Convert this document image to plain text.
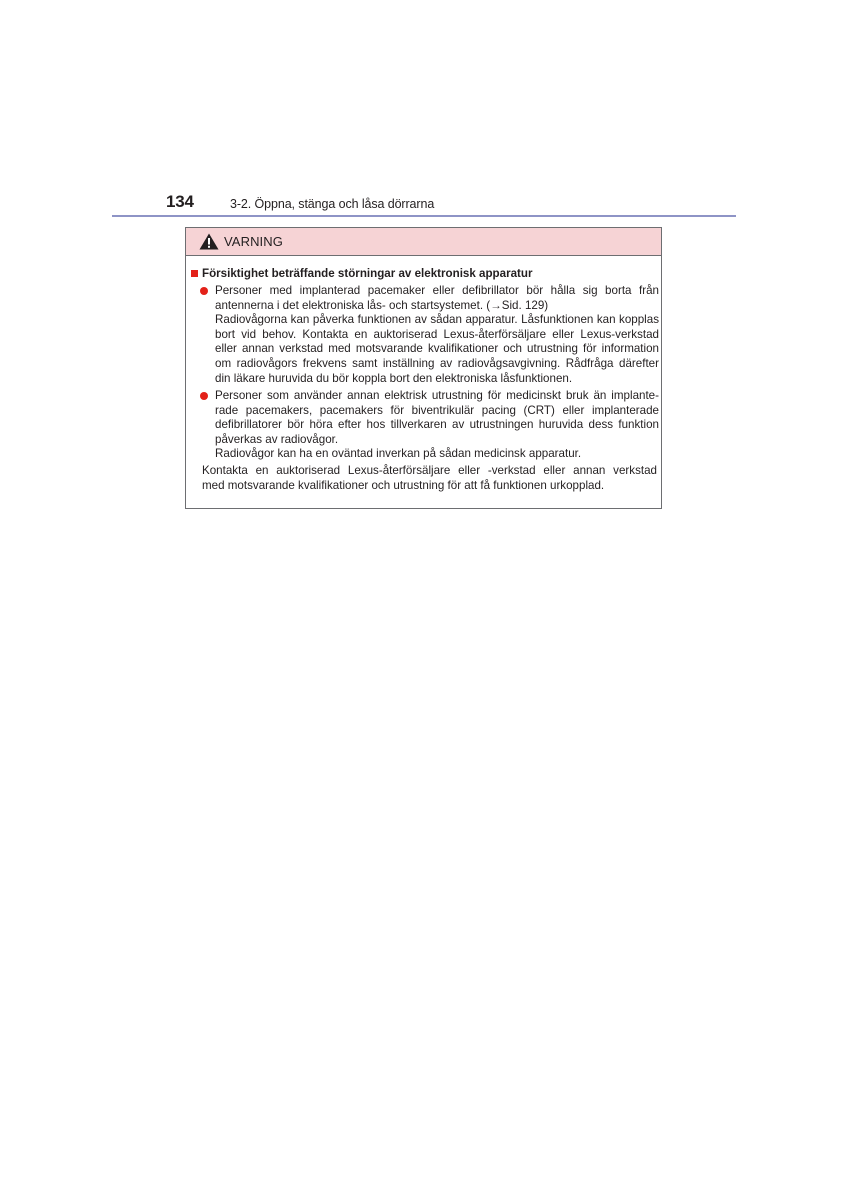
134	3-2. Öppna, stänga och låsa dörrarna
VARNING
Försiktighet beträffande störningar av elektronisk apparatur
Personer med implanterad pacemaker eller defibrillator bör hålla sig borta från
antennerna i det elektroniska lås- och startsystemet. (→Sid. 129)
Radiovågorna kan påverka funktionen av sådan apparatur. Låsfunktionen kan kopplas
bort vid behov. Kontakta en auktoriserad Lexus-återförsäljare eller Lexus-verkstad
eller annan verkstad med motsvarande kvalifikationer och utrustning för information
om radiovågors frekvens samt inställning av radiovågsavgivning. Rådfråga därefter
din läkare huruvida du bör koppla bort den elektroniska låsfunktionen.
Personer som använder annan elektrisk utrustning för medicinskt bruk än implante-
rade pacemakers, pacemakers för biventrikulär pacing (CRT) eller implanterade
defibrillatorer bör höra efter hos tillverkaren av utrustningen huruvida dess funktion
påverkas av radiovågor.
Radiovågor kan ha en oväntad inverkan på sådan medicinsk apparatur.
Kontakta en auktoriserad Lexus-återförsäljare eller -verkstad eller annan verkstad
med motsvarande kvalifikationer och utrustning för att få funktionen urkopplad.
